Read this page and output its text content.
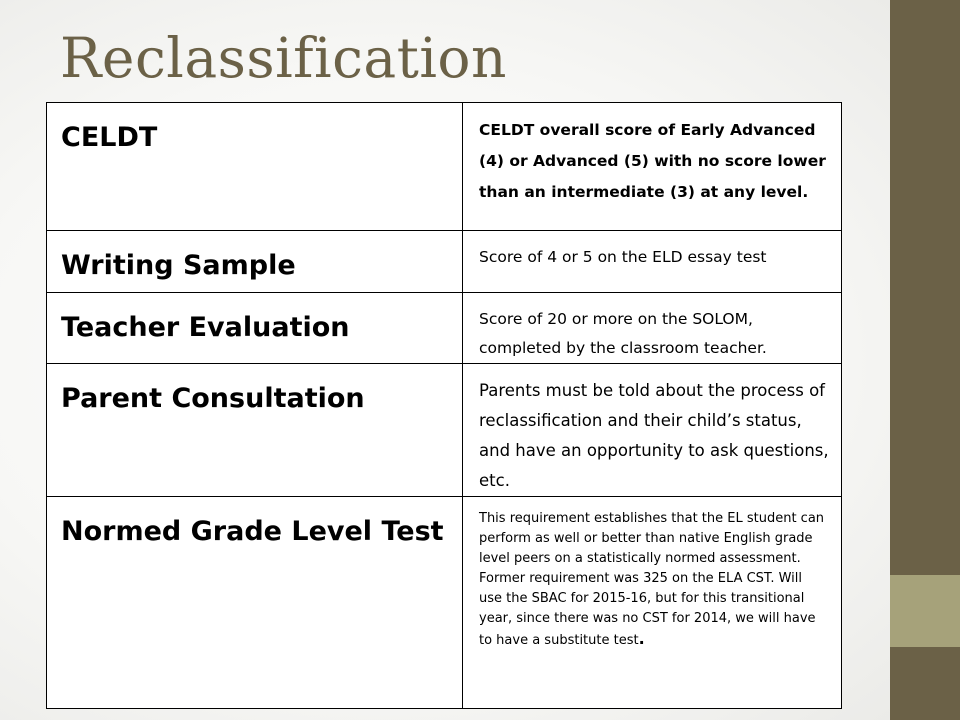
Reclassification
CELDT	CELDT overall score of Early Advanced (4) or Advanced (5) with no score lower than an intermediate (3) at any level.
Writing Sample	Score of 4 or 5 on the ELD essay test
Teacher Evaluation	Score of 20 or more on the SOLOM, completed by the classroom teacher.
Parent Consultation	Parents must be told about the process of reclassification and their child’s status, and have an opportunity to ask questions, etc.
Normed Grade Level Test	This requirement establishes that the EL student can perform as well or better than native English grade level peers on a statistically normed assessment. Former requirement was 325 on the ELA CST. Will use the SBAC for 2015-16, but for this transitional year, since there was no CST for 2014, we will have to have a substitute test.
